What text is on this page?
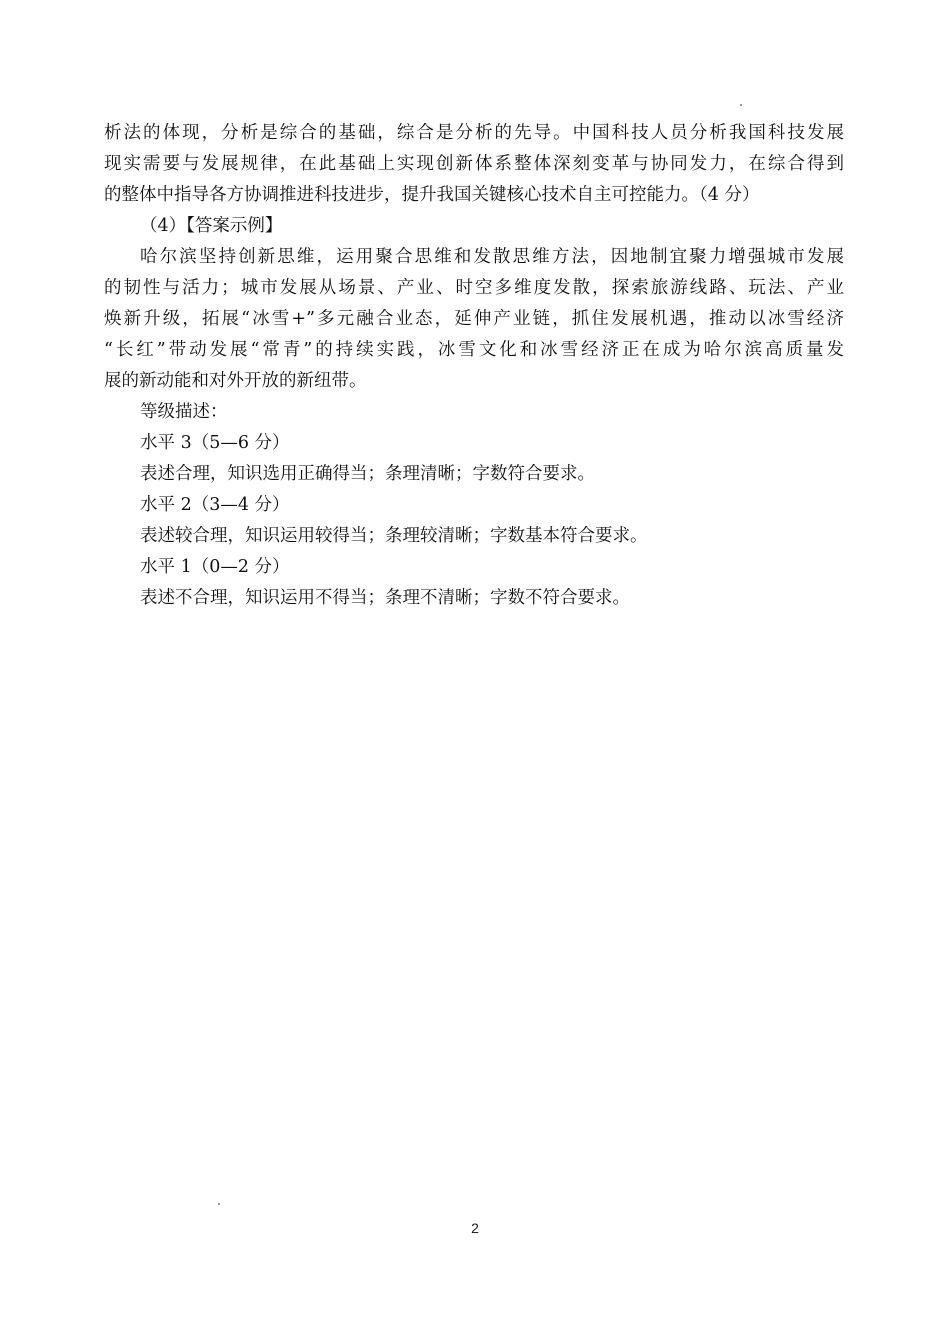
析法的体现，分析是综合的基础，综合是分析的先导。中国科技人员分析我国科技发展
现实需要与发展规律，在此基础上实现创新体系整体深刻变革与协同发力，在综合得到
的整体中指导各方协调推进科技进步，提升我国关键核心技术自主可控能力。（4 分）
（4）【答案示例】
哈尔滨坚持创新思维，运用聚合思维和发散思维方法，因地制宜聚力增强城市发展
的韧性与活力；城市发展从场景、产业、时空多维度发散，探索旅游线路、玩法、产业
焕新升级，拓展“冰雪+”多元融合业态，延伸产业链，抓住发展机遇，推动以冰雪经济
“长红”带动发展“常青”的持续实践，冰雪文化和冰雪经济正在成为哈尔滨高质量发
展的新动能和对外开放的新纽带。
等级描述：
水平 3（5—6 分）
表述合理，知识选用正确得当；条理清晰；字数符合要求。
水平 2（3—4 分）
表述较合理，知识运用较得当；条理较清晰；字数基本符合要求。
水平 1（0—2 分）
表述不合理，知识运用不得当；条理不清晰；字数不符合要求。
2
